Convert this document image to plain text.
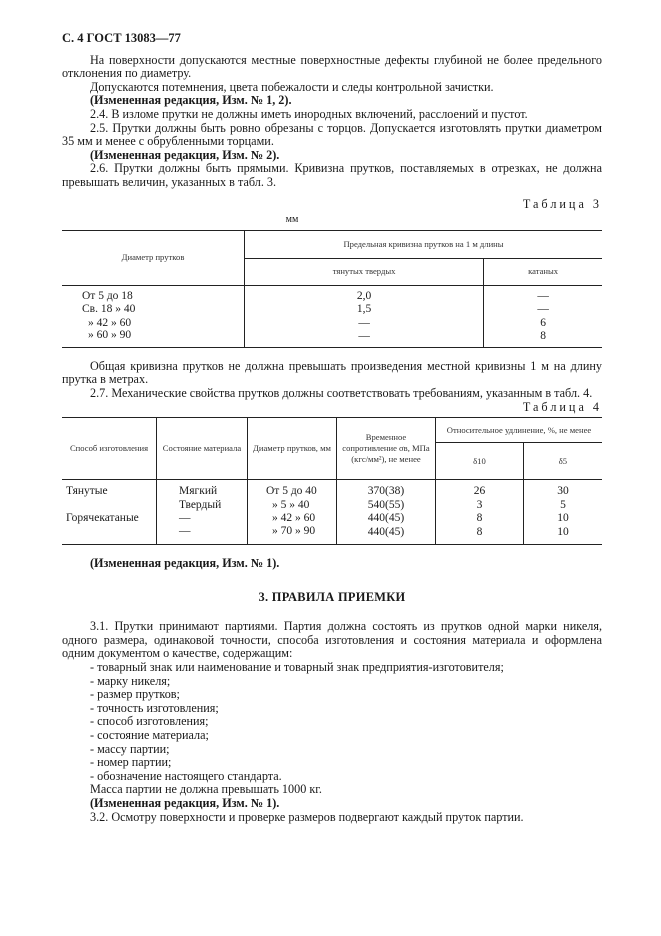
С. 4 ГОСТ 13083—77

На поверхности допускаются местные поверхностные дефекты глубиной не более предельного отклонения по диаметру.

Допускаются потемнения, цвета побежалости и следы контрольной зачистки.

(Измененная редакция, Изм. № 1, 2).

2.4. В изломе прутки не должны иметь инородных включений, расслоений и пустот.

2.5. Прутки должны быть ровно обрезаны с торцов. Допускается изготовлять прутки диаметром 35 мм и менее с обрубленными торцами.

(Измененная редакция, Изм. № 2).

2.6. Прутки должны быть прямыми. Кривизна прутков, поставляемых в отрезках, не должна превышать величин, указанных в табл. 3.

Таблица 3
мм
Диаметр прутков	Предельная кривизна прутков на 1 м длины	
	тянутых твердых	катаных
От 5 до 18	2,0	—
Св. 18 » 40	1,5	—
» 42 » 60	—	6
» 60 » 90	—	8

Общая кривизна прутков не должна превышать произведения местной кривизны 1 м на длину прутка в метрах.

2.7. Механические свойства прутков должны соответствовать требованиям, указанным в табл. 4.

Таблица 4
Способ изготовления	Состояние материала	Диаметр прутков, мм	Временное сопротивление σв, МПа (кгс/мм²), не менее	Относительное удлинение, %, не менее	
				δ10	δ5
Тянутые	Мягкий	От 5 до 40	370(38)	26	30
	Твердый	» 5 » 40	540(55)	3	5
Горячекатаные	—	» 42 » 60	440(45)	8	10
	—	» 70 » 90	440(45)	8	10

(Измененная редакция, Изм. № 1).

3. ПРАВИЛА ПРИЕМКИ

3.1. Прутки принимают партиями. Партия должна состоять из прутков одной марки никеля, одного размера, одинаковой точности, способа изготовления и состояния материала и оформлена одним документом о качестве, содержащим:

- товарный знак или наименование и товарный знак предприятия-изготовителя;
- марку никеля;
- размер прутков;
- точность изготовления;
- способ изготовления;
- состояние материала;
- массу партии;
- номер партии;
- обозначение настоящего стандарта.

Масса партии не должна превышать 1000 кг.

(Измененная редакция, Изм. № 1).

3.2. Осмотру поверхности и проверке размеров подвергают каждый пруток партии.
